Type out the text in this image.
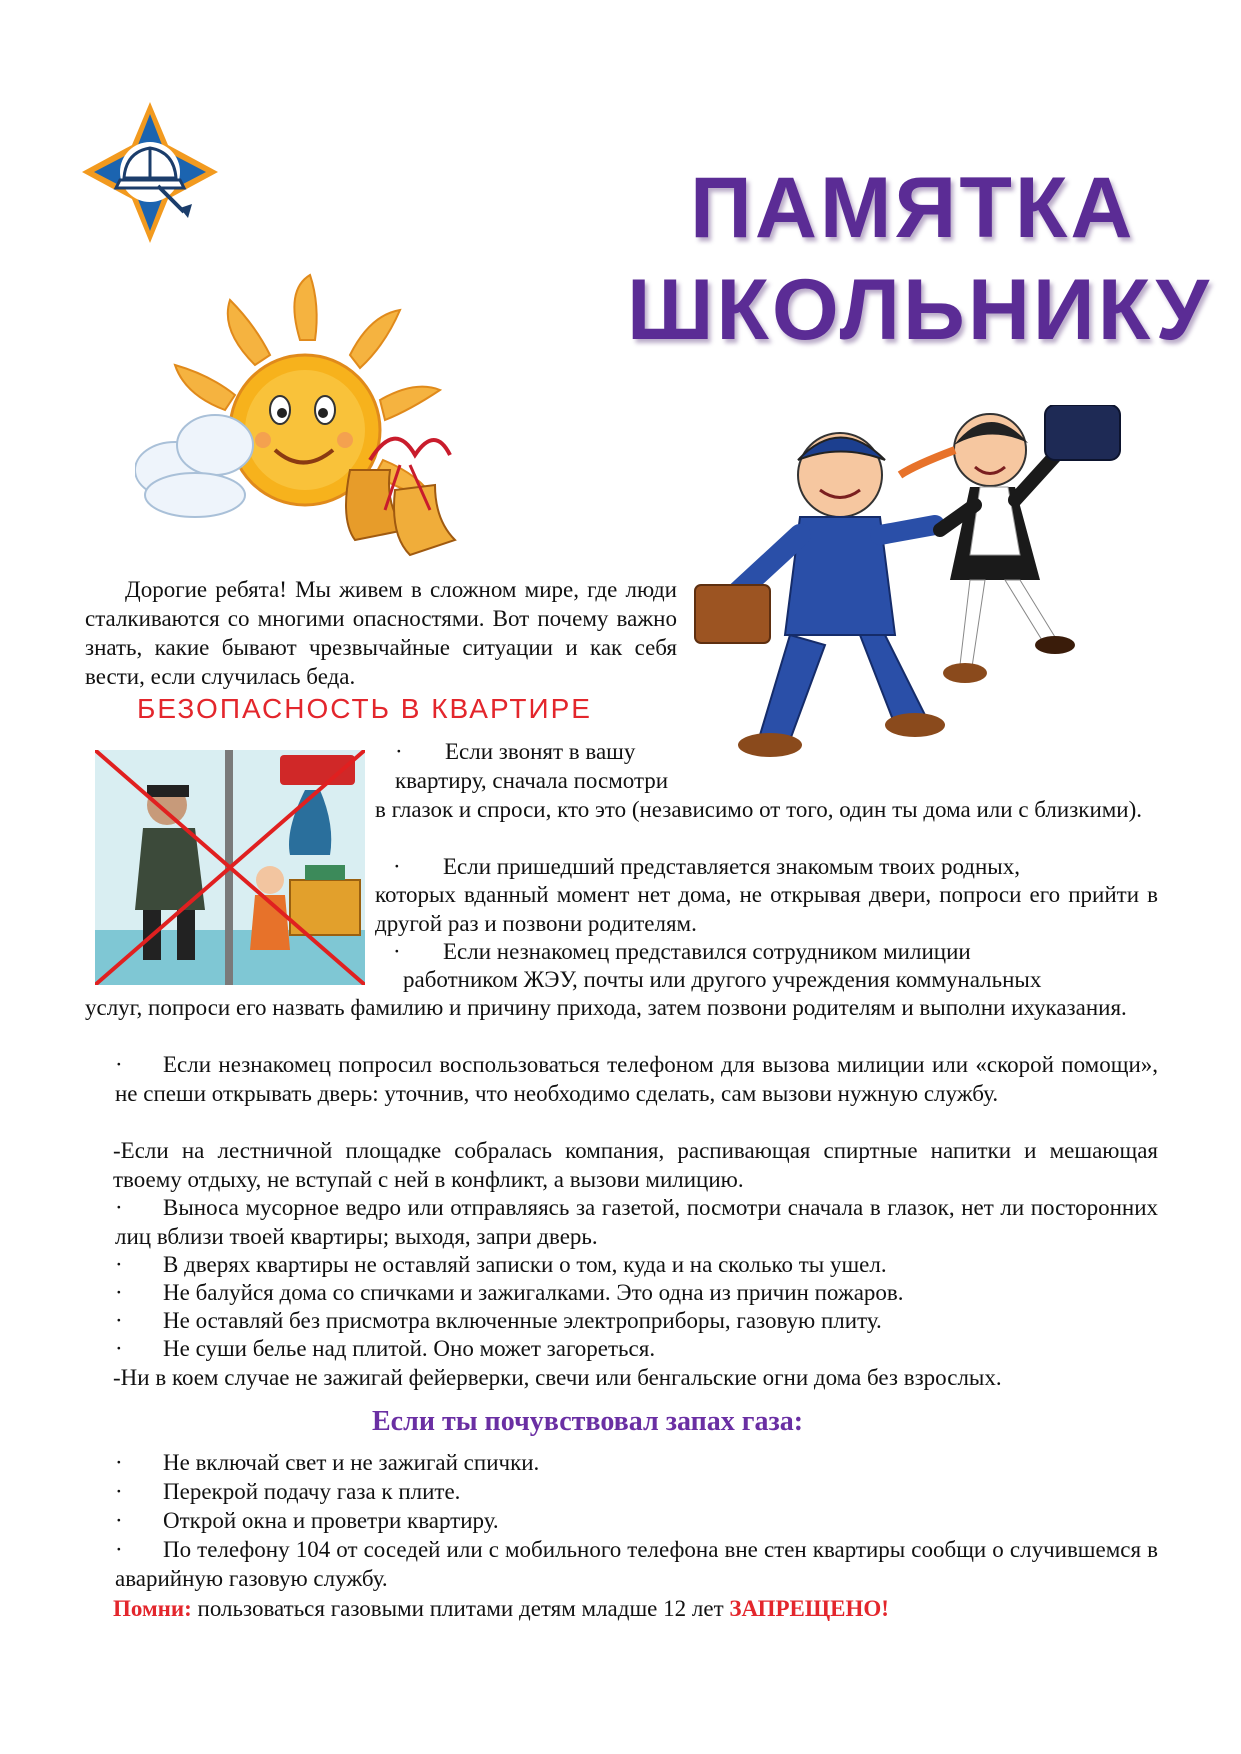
ПАМЯТКА
ШКОЛЬНИКУ
Дорогие ребята! Мы живем в сложном мире, где люди сталкиваются со многими опасностями. Вот почему важно знать, какие бывают чрезвычайные ситуации и как себя вести, если случилась беда.
БЕЗОПАСНОСТЬ В КВАРТИРЕ
· Если звонят в вашу
квартиру, сначала посмотри
в глазок и спроси, кто это (независимо от того, один ты дома или с близкими).
· Если пришедший представляется знакомым твоих родных,
которых вданный момент нет дома, не открывая двери, попроси его прийти в другой раз и позвони родителям.
· Если незнакомец представился сотрудником милиции
работником ЖЭУ, почты или другого учреждения коммунальных
услуг, попроси его назвать фамилию и причину прихода, затем позвони родителям и выполни ихуказания.
· Если незнакомец попросил воспользоваться телефоном для вызова милиции или «скорой помощи», не спеши открывать дверь: уточнив, что необходимо сделать, сам вызови нужную службу.
-Если на лестничной площадке собралась компания, распивающая спиртные напитки и мешающая твоему отдыху, не вступай с ней в конфликт, а вызови милицию.
· Выноса мусорное ведро или отправляясь за газетой, посмотри сначала в глазок, нет ли посторонних лиц вблизи твоей квартиры; выходя, запри дверь.
· В дверях квартиры не оставляй записки о том, куда и на сколько ты ушел.
· Не балуйся дома со спичками и зажигалками. Это одна из причин пожаров.
· Не оставляй без присмотра включенные электроприборы, газовую плиту.
· Не суши белье над плитой. Оно может загореться.
-Ни в коем случае не зажигай фейерверки, свечи или бенгальские огни дома без взрослых.
Если ты почувствовал запах газа:
· Не включай свет и не зажигай спички.
· Перекрой подачу газа к плите.
· Открой окна и проветри квартиру.
· По телефону 104 от соседей или с мобильного телефона вне стен квартиры сообщи о случившемся в аварийную газовую службу.
Помни: пользоваться газовыми плитами детям младше 12 лет ЗАПРЕЩЕНО!
